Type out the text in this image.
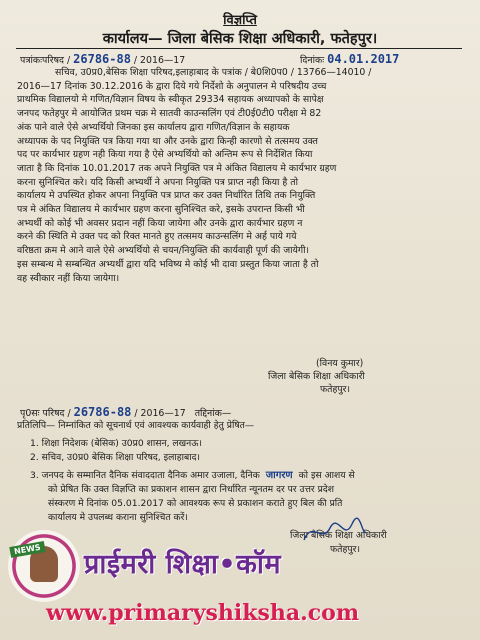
विज्ञप्ति
कार्यालय— जिला बेसिक शिक्षा अधिकारी, फतेहपुर।
पत्रांकःपरिषद / 26786-88 / 2016—17	दिनांकः 04.01.2017
सचिव, उ0प्र0,बेसिक शिक्षा परिषद,इलाहाबाद के पत्रांक / बे0शि0प0 / 13766—14010 /
2016—17 दिनांक 30.12.2016 के द्वारा दिये गये निर्देशो के अनुपालन मे परिषदीय उच्च
प्राथमिक विद्यालयो मे गणित/विज्ञान विषय के स्वीकृत 29334 सहायक अध्यापको के सापेक्ष
जनपद फतेहपुर मे आयोजित प्रथम चक्र मे सातवी काउन्सलिंग एवं टी0ई0टी0 परीक्षा मे 82
अंक पाने वाले ऐसे अभ्यर्थियो जिनका इस कार्यालय द्वारा गणित/विज्ञान के सहायक
अध्यापक के पद नियुक्ति पत्र किया गया था और उनके द्वारा किन्ही कारणो से तत्समय उक्त
पद पर कार्यभार ग्रहण नही किया गया है ऐसे अभ्यर्थियो को अन्तिम रूप से निर्देशित किया
जाता है कि दिनांक 10.01.2017 तक अपने नियुक्ति पत्र मे अंकित विद्यालय मे कार्यभार ग्रहण
करना सुनिश्चित करे। यदि किसी अभ्यर्थी ने अपना नियुक्ति पत्र प्राप्त नही किया है तो
कार्यालय मे उपस्थित होकर अपना नियुक्ति पत्र प्राप्त कर उक्त निर्धारित तिथि तक नियुक्ति
पत्र मे अंकित विद्यालय मे कार्यभार ग्रहण करना सुनिश्चित करे, इसके उपरान्त किसी भी
अभ्यर्थी को कोई भी अवसर प्रदान नहीं किया जायेगा और उनके द्वारा कार्यभार ग्रहण न
करने की स्थिति मे उक्त पद को रिक्त मानते हुए तत्समय काउन्सलिंग मे अर्ह पाये गये
वरिष्ठता क्रम मे आने वाले ऐसे अभ्यर्थियो से चयन/नियुक्ति की कार्यवाही पूर्ण की जायेगी।
इस सम्बन्ध मे सम्बन्धित अभ्यर्थी द्वारा यदि भविष्य मे कोई भी दावा प्रस्तुत किया जाता है तो
वह स्वीकार नहीं किया जायेगा।
(विनय कुमार)
जिला बेसिक शिक्षा अधिकारी
फतेहपुर।
पृ0सः परिषद / 26786-88 / 2016—17 तद्दिनांक—
प्रतिलिपि— निम्नांकित को सूचनार्थ एवं आवश्यक कार्यवाही हेतु प्रेषित—
1. शिक्षा निदेशक (बेसिक) उ0प्र0 शासन, लखनऊ।
2. सचिव, उ0प्र0 बेसिक शिक्षा परिषद, इलाहाबाद।
3. जनपद के सम्मानित दैनिक संवाददाता दैनिक अमार उजाला, दैनिक जागरण को इस आशय से
को प्रेषित कि उक्त विज्ञप्ति का प्रकाशन शासन द्वारा निर्धारित न्यूनतम दर पर उत्तर प्रदेश
संस्करण मे दिनांक 05.01.2017 को आवश्यक रूप से प्रकाशन कराते हुए बिल की प्रति
कार्यालय मे उपलब्ध कराना सुनिश्चित करें।
जिला बेसिक शिक्षा अधिकारी
फतेहपुर।
NEWS प्राईमरी शिक्षा•कॉम
www.primaryshiksha.com
